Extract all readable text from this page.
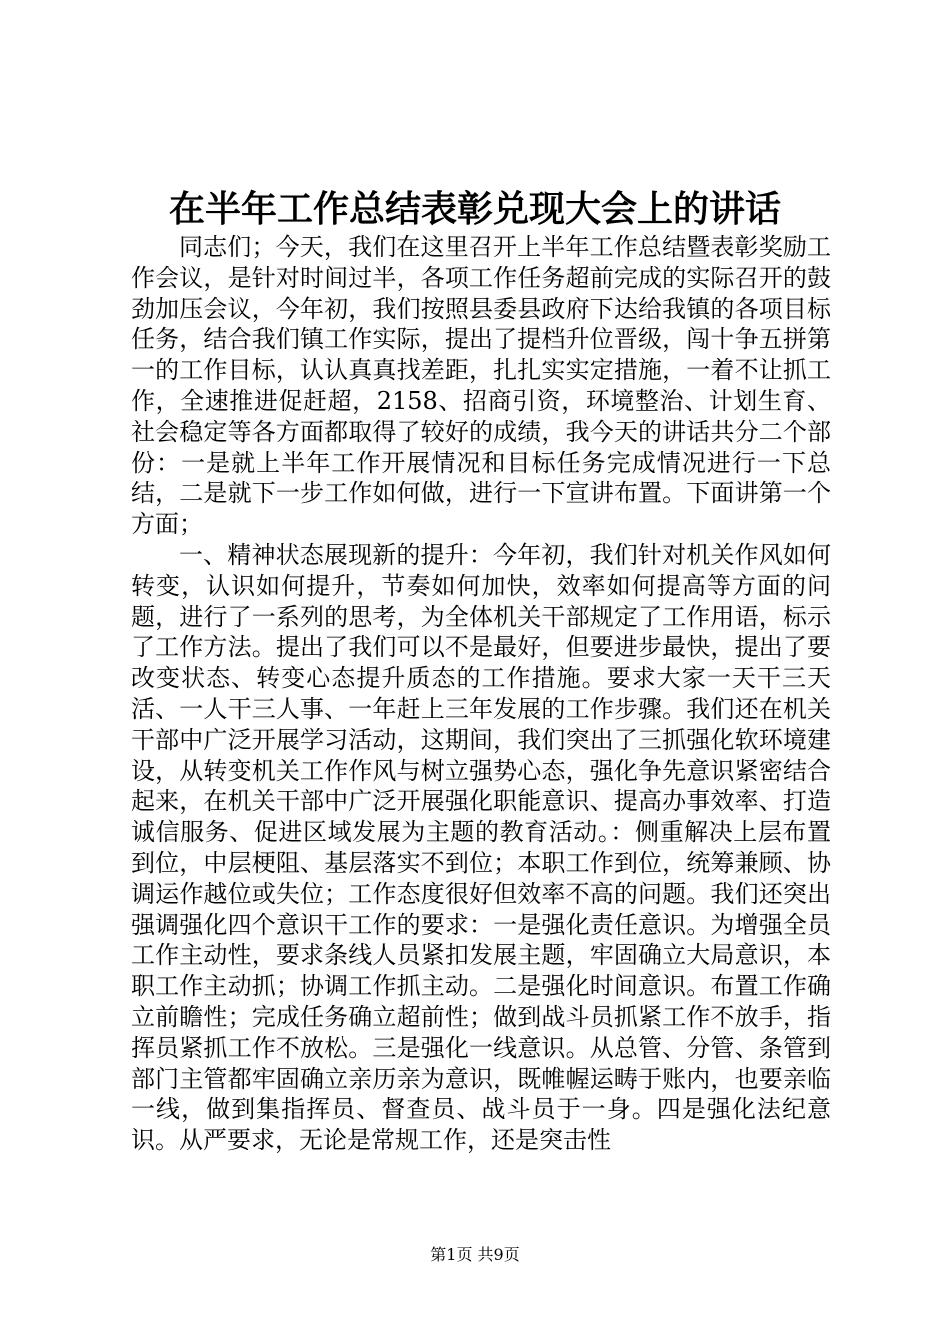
在半年工作总结表彰兑现大会上的讲话

同志们；今天，我们在这里召开上半年工作总结暨表彰奖励工作会议，是针对时间过半，各项工作任务超前完成的实际召开的鼓劲加压会议，今年初，我们按照县委县政府下达给我镇的各项目标任务，结合我们镇工作实际，提出了提档升位晋级，闯十争五拼第一的工作目标，认认真真找差距，扎扎实实定措施，一着不让抓工作，全速推进促赶超，2158、招商引资，环境整治、计划生育、社会稳定等各方面都取得了较好的成绩，我今天的讲话共分二个部份：一是就上半年工作开展情况和目标任务完成情况进行一下总结，二是就下一步工作如何做，进行一下宣讲布置。下面讲第一个方面；

一、精神状态展现新的提升：今年初，我们针对机关作风如何转变，认识如何提升，节奏如何加快，效率如何提高等方面的问题，进行了一系列的思考，为全体机关干部规定了工作用语，标示了工作方法。提出了我们可以不是最好，但要进步最快，提出了要改变状态、转变心态提升质态的工作措施。要求大家一天干三天活、一人干三人事、一年赶上三年发展的工作步骤。我们还在机关干部中广泛开展学习活动，这期间，我们突出了三抓强化软环境建设，从转变机关工作作风与树立强势心态，强化争先意识紧密结合起来，在机关干部中广泛开展强化职能意识、提高办事效率、打造诚信服务、促进区域发展为主题的教育活动。：侧重解决上层布置到位，中层梗阻、基层落实不到位；本职工作到位，统筹兼顾、协调运作越位或失位；工作态度很好但效率不高的问题。我们还突出强调强化四个意识干工作的要求：一是强化责任意识。为增强全员工作主动性，要求条线人员紧扣发展主题，牢固确立大局意识，本职工作主动抓；协调工作抓主动。二是强化时间意识。布置工作确立前瞻性；完成任务确立超前性；做到战斗员抓紧工作不放手，指挥员紧抓工作不放松。三是强化一线意识。从总管、分管、条管到部门主管都牢固确立亲历亲为意识，既帷幄运畴于账内，也要亲临一线，做到集指挥员、督查员、战斗员于一身。四是强化法纪意识。从严要求，无论是常规工作，还是突击性

第1页 共9页
